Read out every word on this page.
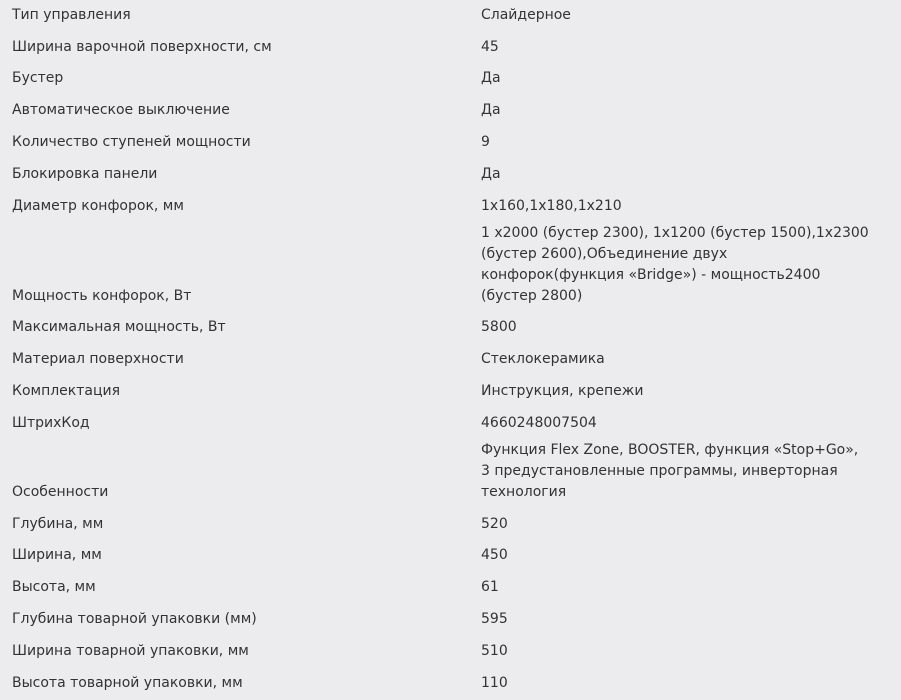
Тип управления	Слайдерное
Ширина варочной поверхности, см	45
Бустер	Да
Автоматическое выключение	Да
Количество ступеней мощности	9
Блокировка панели	Да
Диаметр конфорок, мм	1x160,1x180,1x210
Мощность конфорок, Вт	1 x2000 (бустер 2300), 1x1200 (бустер 1500),1x2300 (бустер 2600),Объединение двух конфорок(функция «Bridge») - мощность2400 (бустер 2800)
Максимальная мощность, Вт	5800
Материал поверхности	Стеклокерамика
Комплектация	Инструкция, крепежи
ШтрихКод	4660248007504
Особенности	Функция Flex Zone, BOOSTER, функция «Stop+Go», 3 предустановленные программы, инверторная технология
Глубина, мм	520
Ширина, мм	450
Высота, мм	61
Глубина товарной упаковки (мм)	595
Ширина товарной упаковки, мм	510
Высота товарной упаковки, мм	110
